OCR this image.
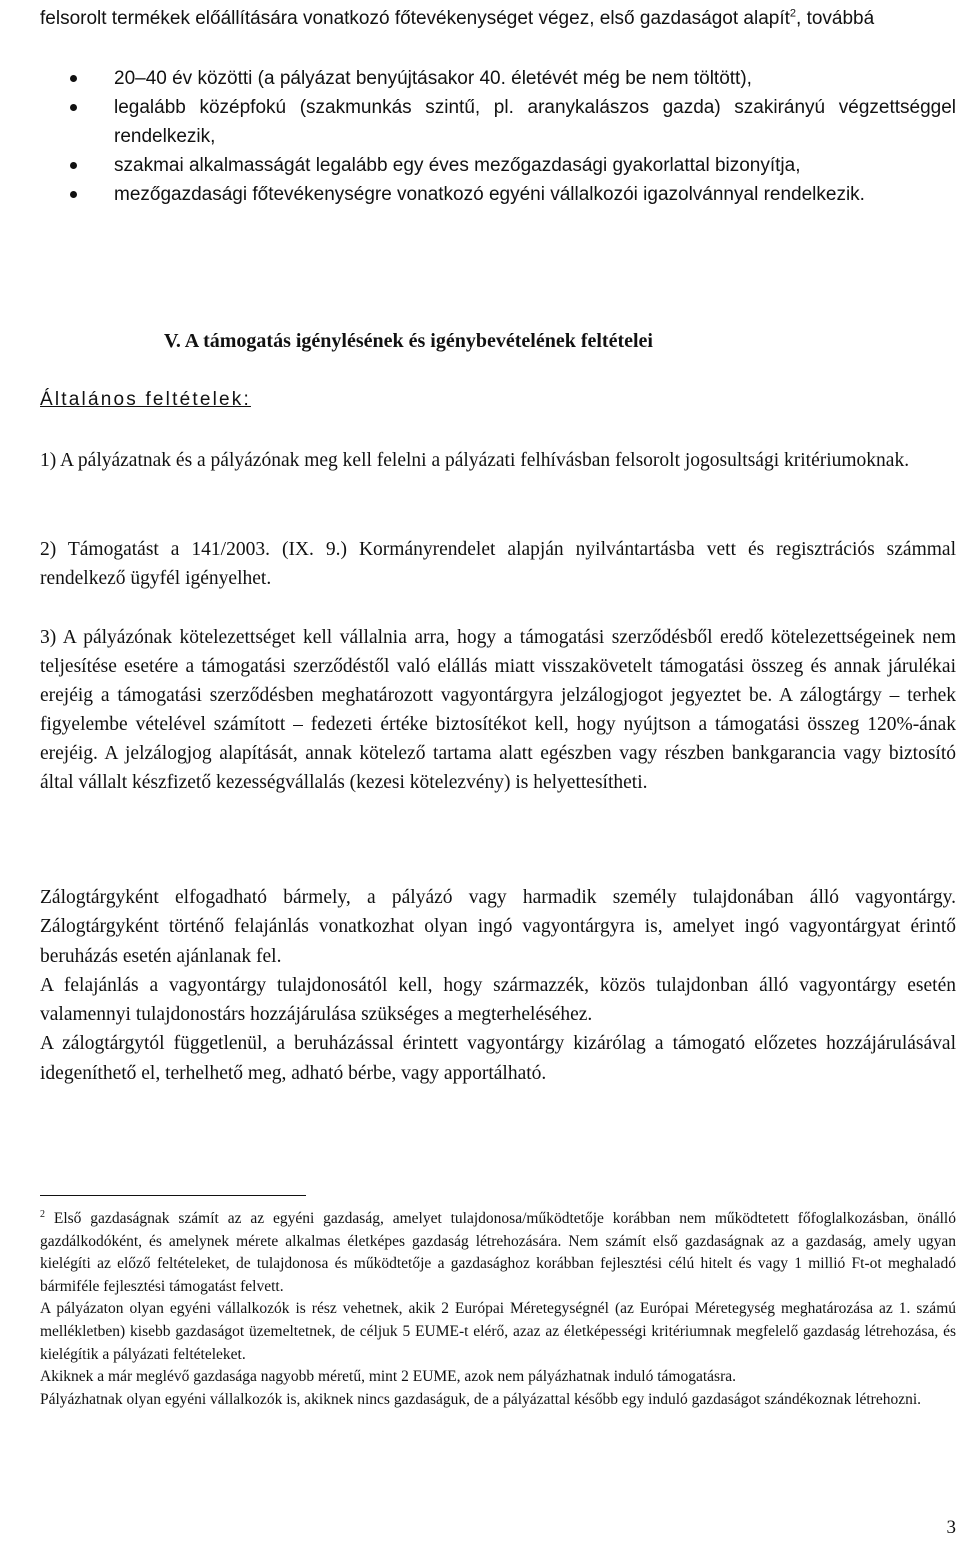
felsorolt termékek előállítására vonatkozó főtevékenységet végez, első gazdaságot alapít$^2$, továbbá

20–40 év közötti (a pályázat benyújtásakor 40. életévét még be nem töltött),

legalább középfokú (szakmunkás szintű, pl. aranykalászos gazda) szakirányú végzettséggel rendelkezik,

szakmai alkalmasságát legalább egy éves mezőgazdasági gyakorlattal bizonyítja,

mezőgazdasági főtevékenységre vonatkozó egyéni vállalkozói igazolvánnyal rendelkezik.

V. A támogatás igénylésének és igénybevételének feltételei
Általános feltételek:

1) A pályázatnak és a pályázónak meg kell felelni a pályázati felhívásban felsorolt jogosultsági kritériumoknak.

2) Támogatást a 141/2003. (IX. 9.) Kormányrendelet alapján nyilvántartásba vett és regisztrációs számmal rendelkező ügyfél igényelhet.

3) A pályázónak kötelezettséget kell vállalnia arra, hogy a támogatási szerződésből eredő kötelezettségeinek nem teljesítése esetére a támogatási szerződéstől való elállás miatt visszakövetelt támogatási összeg és annak járulékai erejéig a támogatási szerződésben meghatározott vagyontárgyra jelzálogjogot jegyeztet be. A zálogtárgy – terhek figyelembe vételével számított – fedezeti értéke biztosítékot kell, hogy nyújtson a támogatási összeg 120%-ának erejéig. A jelzálogjog alapítását, annak kötelező tartama alatt egészben vagy részben bankgarancia vagy biztosító által vállalt készfizető kezességvállalás (kezesi kötelezvény) is helyettesítheti.

Zálogtárgyként elfogadható bármely, a pályázó vagy harmadik személy tulajdonában álló vagyontárgy. Zálogtárgyként történő felajánlás vonatkozhat olyan ingó vagyontárgyra is, amelyet ingó vagyontárgyat érintő beruházás esetén ajánlanak fel.

A felajánlás a vagyontárgy tulajdonosától kell, hogy származzék, közös tulajdonban álló vagyontárgy esetén valamennyi tulajdonostárs hozzájárulása szükséges a megterheléséhez.

A zálogtárgytól függetlenül, a beruházással érintett vagyontárgy kizárólag a támogató előzetes hozzájárulásával idegeníthető el, terhelhető meg, adható bérbe, vagy apportálható.

$^2$ Első gazdaságnak számít az az egyéni gazdaság, amelyet tulajdonosa/működtetője korábban nem működtetett főfoglalkozásban, önálló gazdálkodóként, és amelynek mérete alkalmas életképes gazdaság létrehozására. Nem számít első gazdaságnak az a gazdaság, amely ugyan kielégíti az előző feltételeket, de tulajdonosa és működtetője a gazdasághoz korábban fejlesztési célú hitelt és vagy 1 millió Ft-ot meghaladó bármiféle fejlesztési támogatást felvett.

A pályázaton olyan egyéni vállalkozók is rész vehetnek, akik 2 Európai Méretegységnél (az Európai Méretegység meghatározása az 1. számú mellékletben) kisebb gazdaságot üzemeltetnek, de céljuk 5 EUME-t elérő, azaz az életképességi kritériumnak megfelelő gazdaság létrehozása, és kielégítik a pályázati feltételeket.

Akiknek a már meglévő gazdasága nagyobb méretű, mint 2 EUME, azok nem pályázhatnak induló támogatásra.

Pályázhatnak olyan egyéni vállalkozók is, akiknek nincs gazdaságuk, de a pályázattal később egy induló gazdaságot szándékoznak létrehozni.

3
